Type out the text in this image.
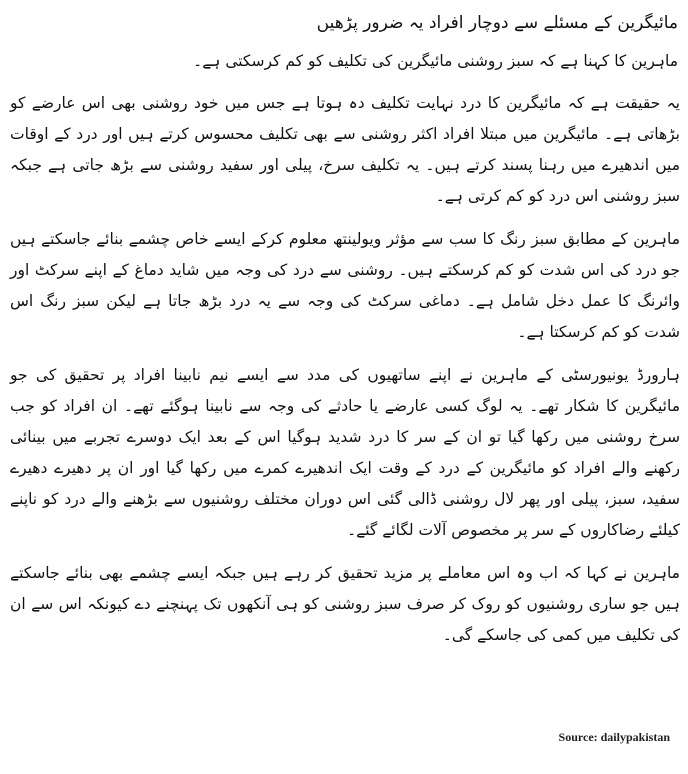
مائیگرین کے مسئلے سے دوچار افراد یہ ضرور پڑھیں

ماہرین کا کہنا ہے کہ سبز روشنی مائیگرین کی تکلیف کو کم کرسکتی ہے۔

یہ حقیقت ہے کہ مائیگرین کا درد نہایت تکلیف دہ ہوتا ہے جس میں خود روشنی بھی اس عارضے کو بڑھاتی ہے۔ مائیگرین میں مبتلا افراد اکثر روشنی سے بھی تکلیف محسوس کرتے ہیں اور درد کے اوقات میں اندھیرے میں رہنا پسند کرتے ہیں۔ یہ تکلیف سرخ، پیلی اور سفید روشنی سے بڑھ جاتی ہے جبکہ سبز روشنی اس درد کو کم کرتی ہے۔

ماہرین کے مطابق سبز رنگ کا سب سے مؤثر ویولینتھ معلوم کرکے ایسے خاص چشمے بنائے جاسکتے ہیں جو درد کی اس شدت کو کم کرسکتے ہیں۔ روشنی سے درد کی وجہ میں شاید دماغ کے اپنے سرکٹ اور وائرنگ کا عمل دخل شامل ہے۔ دماغی سرکٹ کی وجہ سے یہ درد بڑھ جاتا ہے لیکن سبز رنگ اس شدت کو کم کرسکتا ہے۔

ہارورڈ یونیورسٹی کے ماہرین نے اپنے ساتھیوں کی مدد سے ایسے نیم نابینا افراد پر تحقیق کی جو مائیگرین کا شکار تھے۔ یہ لوگ کسی عارضے یا حادثے کی وجہ سے نابینا ہوگئے تھے۔ ان افراد کو جب سرخ روشنی میں رکھا گیا تو ان کے سر کا درد شدید ہوگیا اس کے بعد ایک دوسرے تجربے میں بینائی رکھنے والے افراد کو مائیگرین کے درد کے وقت ایک اندھیرے کمرے میں رکھا گیا اور ان پر دھیرے دھیرے سفید، سبز، پیلی اور پھر لال روشنی ڈالی گئی اس دوران مختلف روشنیوں سے بڑھنے والے درد کو ناپنے کیلئے رضاکاروں کے سر پر مخصوص آلات لگائے گئے۔

ماہرین نے کہا کہ اب وہ اس معاملے پر مزید تحقیق کر رہے ہیں جبکہ ایسے چشمے بھی بنائے جاسکتے ہیں جو ساری روشنیوں کو روک کر صرف سبز روشنی کو ہی آنکھوں تک پہنچنے دے کیونکہ اس سے ان کی تکلیف میں کمی کی جاسکے گی۔

Source: dailypakistan
